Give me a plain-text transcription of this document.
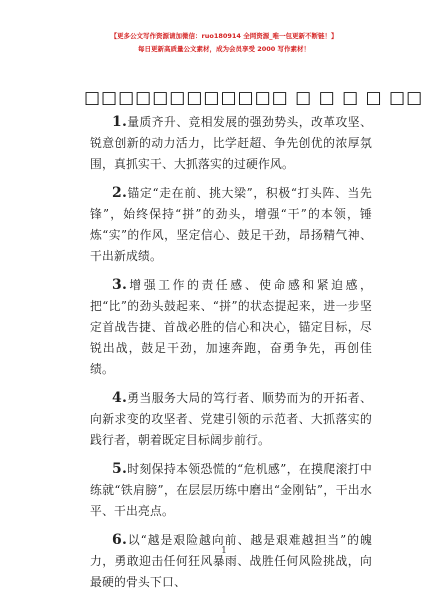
【更多公文写作资源请加微信：ruo180914 全网资源_唯一包更新不断链！】
每日更新高质量公文素材，成为会员享受 2000 写作素材！
□□□□□□□□□□□□ □ □ □ □ □□

1.量质齐升、竞相发展的强劲势头，改革攻坚、锐意创新的动力活力，比学赶超、争先创优的浓厚氛围，真抓实干、大抓落实的过硬作风。

2.锚定“走在前、挑大梁”，积极“打头阵、当先锋”，始终保持“拼”的劲头，增强“干”的本领，锤炼“实”的作风，坚定信心、鼓足干劲，昂扬精气神、干出新成绩。

3.增强工作的责任感、使命感和紧迫感，把“比”的劲头鼓起来、“拼”的状态提起来，进一步坚定首战告捷、首战必胜的信心和决心，锚定目标，尽锐出战，鼓足干劲，加速奔跑，奋勇争先，再创佳绩。

4.勇当服务大局的笃行者、顺势而为的开拓者、向新求变的攻坚者、党建引领的示范者、大抓落实的践行者，朝着既定目标阔步前行。

5.时刻保持本领恐慌的“危机感”，在摸爬滚打中练就“铁肩膀”，在层层历练中磨出“金刚钻”，干出水平、干出亮点。

6.以“越是艰险越向前、越是艰难越担当”的魄力，勇敢迎击任何狂风暴雨、战胜任何风险挑战，向最硬的骨头下口、

1
